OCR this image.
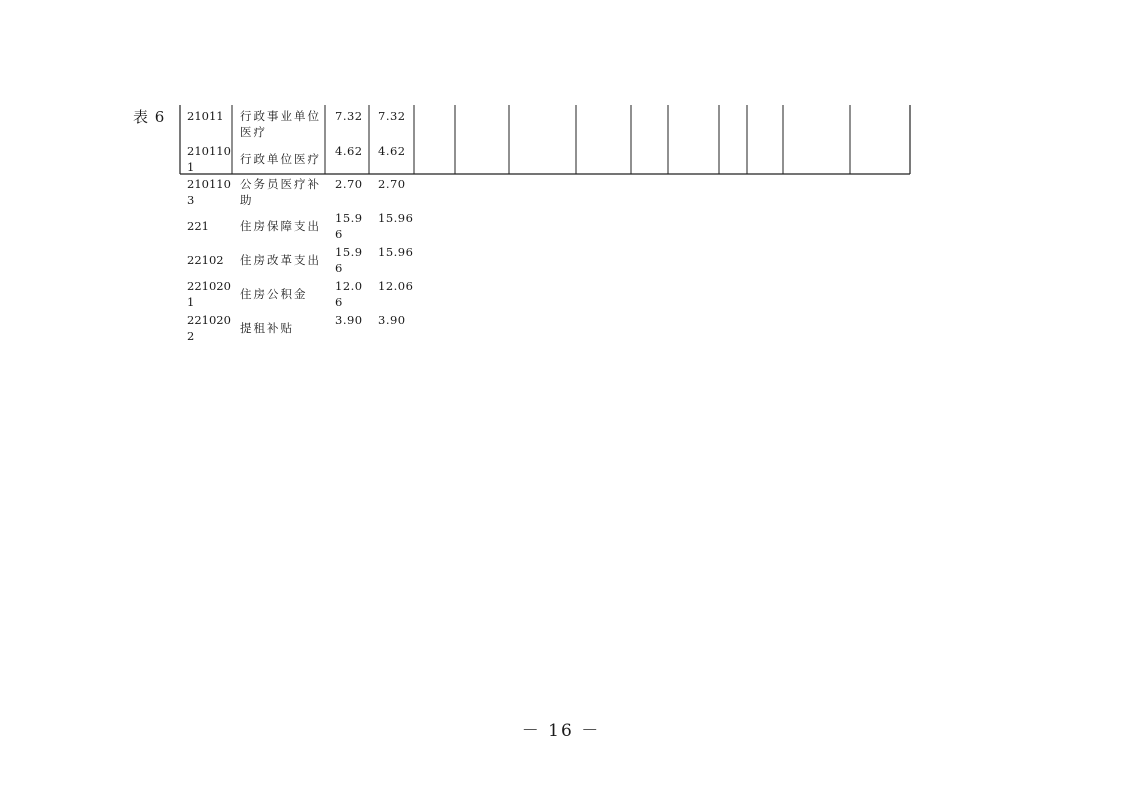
表 6 21011 行政事业单位
医疗
7.32 7.32
210110
1
行政单位医疗
4.62 4.62
210110
3
公务员医疗补
助
2.70 2.70
221	住房保障支出
15.9
6
15.96
22102 住房改革支出
15.9
6
15.96
221020
1
住房公积金
12.0
6
12.06
221020
2
提租补贴
3.90 3.90
－ 16 －
